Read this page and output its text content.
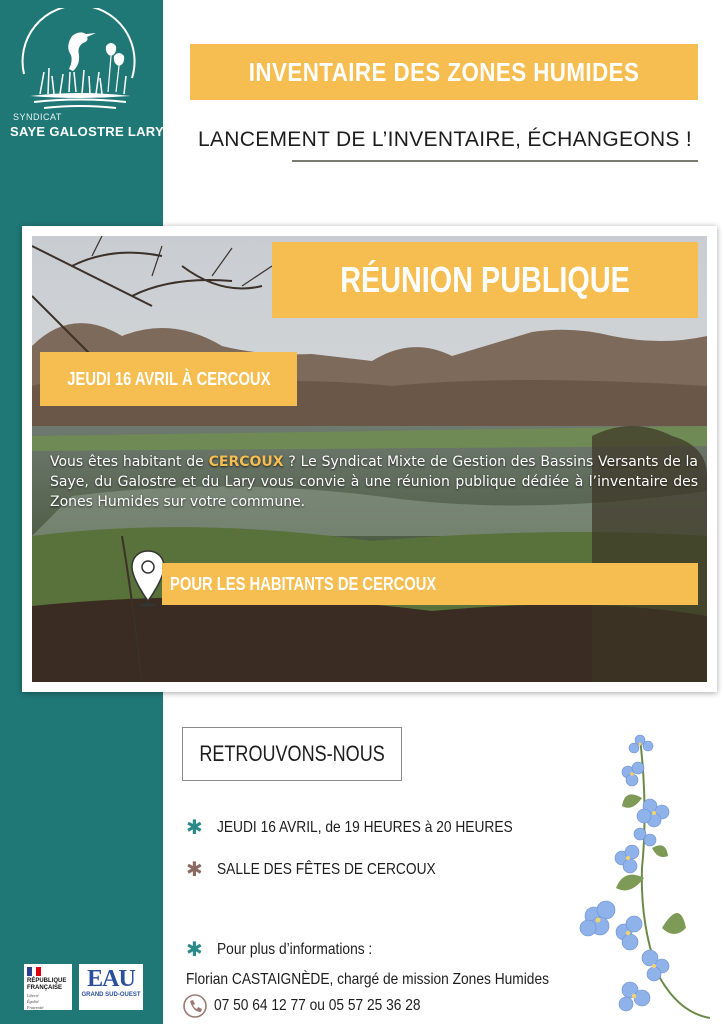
SYNDICAT
SAYE GALOSTRE LARY
RÉPUBLIQUE
FRANÇAISE
Liberté
Égalité
Fraternité
EAU
GRAND SUD-OUEST
INVENTAIRE DES ZONES HUMIDES
LANCEMENT DE L’INVENTAIRE, ÉCHANGEONS !
RÉUNION PUBLIQUE
JEUDI 16 AVRIL À CERCOUX
Vous êtes habitant de CERCOUX ? Le Syndicat Mixte de Gestion des Bassins Versants de la Saye, du Galostre et du Lary vous convie à une réunion publique dédiée à l’inventaire des Zones Humides sur votre commune.
POUR LES HABITANTS DE CERCOUX
RETROUVONS-NOUS
✱ JEUDI 16 AVRIL, de 19 HEURES à 20 HEURES
✱ SALLE DES FÊTES DE CERCOUX
✱ Pour plus d’informations :
Florian CASTAIGNÈDE, chargé de mission Zones Humides
07 50 64 12 77 ou 05 57 25 36 28
